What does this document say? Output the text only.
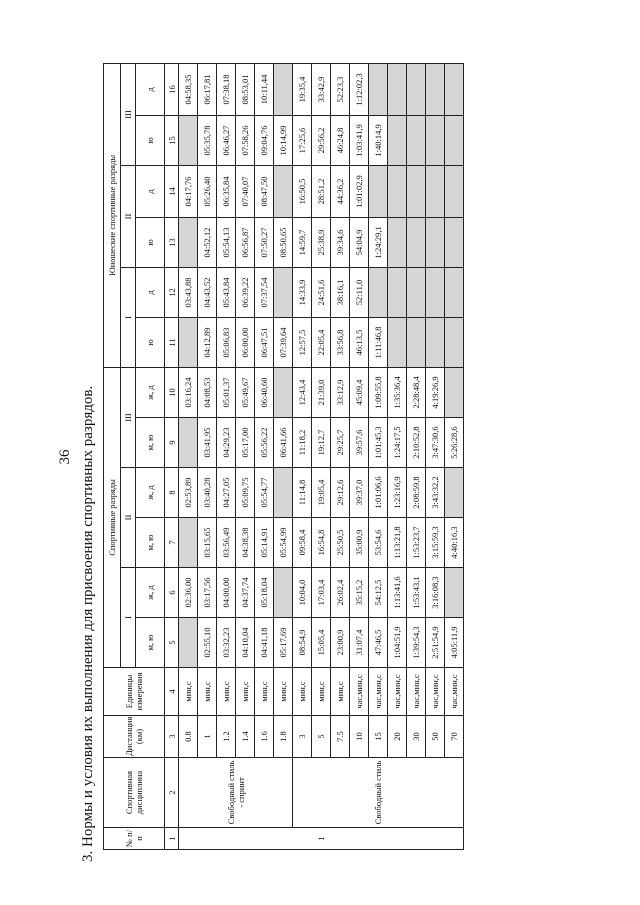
36 3. Нормы и условия их выполнения для присвоения спортивных разрядов.	№ п/п	Спортивная дисциплина	Дистанция (км)	Единицы измерения	Спортивные разряды						Юношеские спортивные разряды					
				I		II		III		I		II		III	
				м, ю	ж, д	м, ю	ж, д	м, ю	ж, д	ю	д	ю	д	ю	д
1	2	3	4	5	6	7	8	9	10	11	12	13	14	15	16
1	Свободный стиль - спринт	0.8	мин,с		02:36,00		02:53,89		03:16,24		03:43,88		04:17,76		04:58,35
		1	мин,с	02:55,10	03:17,56	03:15,65	03:40,28	03:41,95	04:08,53	04:12,89	04:43,52	04:52,12	05:26,40	05:35,78	06:17,81
		1.2	мин,с	03:32,23	04:00,00	03:56,49	04:27,05	04:29,23	05:01,37	05:06,83	05:43,84	05:54,13	06:35,84	06:46,27	07:38,18
		1.4	мин,с	04:10,04	04:37,74	04:38,38	05:09,75	05:17,00	05:49,67	06:00,00	06:39,22	06:56,87	07:40,07	07:58,26	08:53,01
		1.6	мин,с	04:41,18	05:18,04	05:14,91	05:54,77	05:56,22	06:40,60	06:47,51	07:37,54	07:50,27	08:47,50	09:04,76	10:11,44
		1.8	мин,с	05:17,69		05:54,99		06:41,66		07:39,64		08:50,65		10:14,99	
	Свободный стиль	3	мин,с	08:54,9	10:04,0	09:58,4	11:14,8	11:18,2	12:43,4	12:57,5	14:33,9	14:59,7	16:50,5	17:25,6	19:35,4
		5	мин,с	15:05,4	17:03,4	16:54,8	19:05,4	19:12,7	21:39,0	22:05,4	24:51,6	25:38,9	28:51,2	29:56,2	33:42,9
		7.5	мин,с	23:00,9	26:02,4	25:50,5	29:12,6	29:25,7	33:12,9	33:56,8	38:16,1	39:34,6	44:36,2	46:24,8	52:23,3
		10	час,мин,с	31:07,4	35:15,2	35:00,9	39:37,0	39:57,6	45:09,4	46:13,5	52:11,0	54:04,9	1:01:02,9	1:03:41,9	1:12:02,3
		15	час,мин,с	47:46,5	54:12,5	53:54,6	1:01:06,6	1:01:45,3	1:09:55,8	1:11:46,8		1:24:29,1		1:40:14,9	
		20	час,мин,с	1:04:51,9	1:13:41,6	1:13:21,8	1:23:16,9	1:24:17,5	1:35:36,4						
		30	час,мин,с	1:39:54,3	1:53:43,1	1:53:23,7	2:08:59,8	2:10:52,8	2:28:48,4						
		50	час,мин,с	2:51:54,9	3:16:08,3	3:15:59,3	3:43:32,2	3:47:30,6	4:19:26,9						
		70	час,мин,с	4:05:11,9		4:40:16,3		5:26:28,6							
